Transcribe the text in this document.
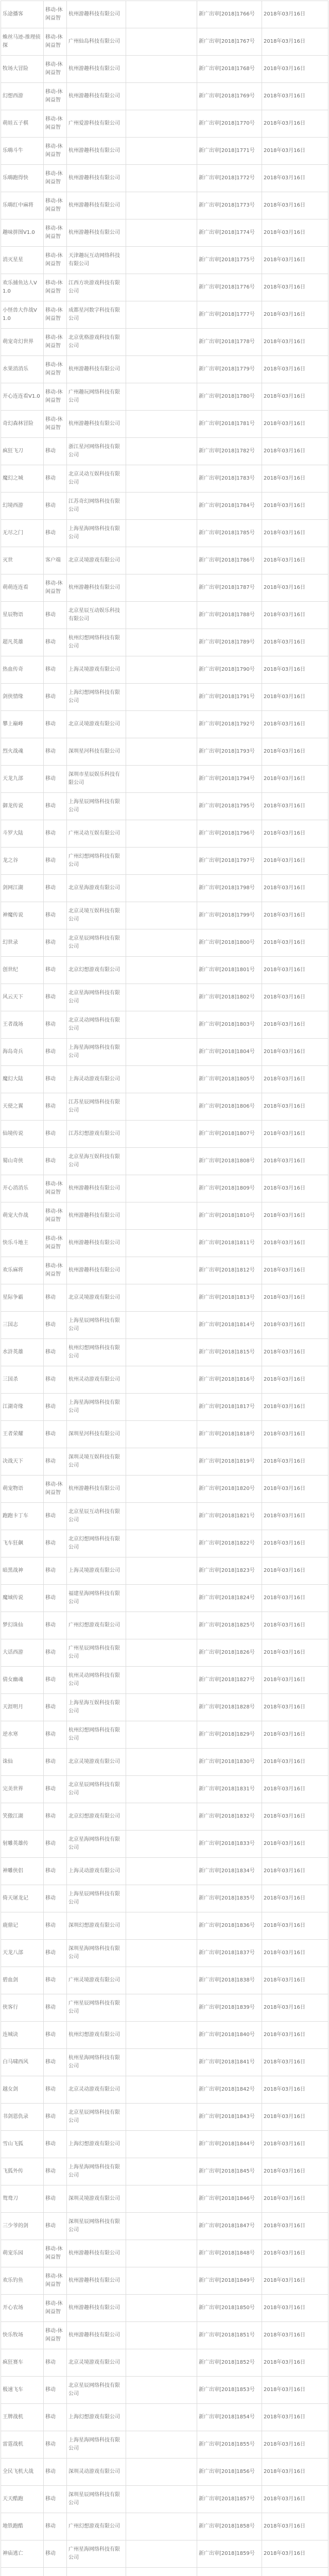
乐途播客	移动-休闲益智	杭州游趣科技有限公司		新广出审[2018]1766号	2018年03月16日
蛛丝马迹-推理侦探	移动-休闲益智	广州仙岛科技有限公司		新广出审[2018]1767号	2018年03月16日
牧场大冒险	移动-休闲益智	杭州游趣科技有限公司		新广出审[2018]1768号	2018年03月16日
幻想西游	移动-休闲益智	杭州游趣科技有限公司		新广出审[2018]1769号	2018年03月16日
萌娃五子棋	移动-休闲益智	广州爱游科技有限公司		新广出审[2018]1770号	2018年03月16日
乐嗨斗牛	移动-休闲益智	杭州游趣科技有限公司		新广出审[2018]1771号	2018年03月16日
乐嗨跑得快	移动-休闲益智	杭州游趣科技有限公司		新广出审[2018]1772号	2018年03月16日
乐嗨红中麻将	移动-休闲益智	杭州游趣科技有限公司		新广出审[2018]1773号	2018年03月16日
趣味拼图V1.0	移动-休闲益智	杭州游趣科技有限公司		新广出审[2018]1774号	2018年03月16日
消灭星星	移动-休闲益智	天津趣玩互动网络科技有限公司		新广出审[2018]1775号	2018年03月16日
欢乐捕鱼达人V1.0	移动-休闲益智	江西方块游戏科技有限公司		新广出审[2018]1776号	2018年03月16日
小怪兽大作战V1.0	移动-休闲益智	成都星河数字科技有限公司		新广出审[2018]1777号	2018年03月16日
萌宠奇幻世界	移动-休闲益智	北京优格游戏科技有限公司		新广出审[2018]1778号	2018年03月16日
水果消消乐	移动-休闲益智	杭州游趣科技有限公司		新广出审[2018]1779号	2018年03月16日
开心连连看V1.0	移动-休闲益智	广州趣玩网络科技有限公司		新广出审[2018]1780号	2018年03月16日
奇幻森林冒险	移动-休闲益智	杭州游趣科技有限公司		新广出审[2018]1781号	2018年03月16日
疯狂飞刀	移动	浙江星河网络科技有限公司		新广出审[2018]1782号	2018年03月16日
魔幻之城	移动	北京灵动互娱科技有限公司		新广出审[2018]1783号	2018年03月16日
幻境西游	移动	江苏奇幻网络科技有限公司		新广出审[2018]1784号	2018年03月16日
无尽之门	移动	上海星海网络科技有限公司		新广出审[2018]1785号	2018年03月16日
灭世	客户端	北京灵境游戏有限公司		新广出审[2018]1786号	2018年03月16日
萌萌连连看	移动-休闲益智	杭州游趣科技有限公司		新广出审[2018]1787号	2018年03月16日
星辰物语	移动	北京星辰互动娱乐科技有限公司		新广出审[2018]1788号	2018年03月16日
超凡英雄	移动	杭州幻想网络科技有限公司		新广出审[2018]1789号	2018年03月16日
热血传奇	移动	上海灵境游戏有限公司		新广出审[2018]1790号	2018年03月16日
剑侠情缘	移动	上海幻想网络科技有限公司		新广出审[2018]1791号	2018年03月16日
攀上巅峰	移动	北京灵境游戏有限公司		新广出审[2018]1792号	2018年03月16日
烈火战魂	移动	深圳星河科技有限公司		新广出审[2018]1793号	2018年03月16日
天龙九部	移动	深圳市星辰娱乐科技有限公司		新广出审[2018]1794号	2018年03月16日
御龙传说	移动	上海星辰网络科技有限公司		新广出审[2018]1795号	2018年03月16日
斗罗大陆	移动	广州灵动互娱有限公司		新广出审[2018]1796号	2018年03月16日
龙之谷	移动	广州幻想网络科技有限公司		新广出审[2018]1797号	2018年03月16日
剑网江湖	移动	北京星海游戏有限公司		新广出审[2018]1798号	2018年03月16日
神魔传说	移动	北京灵境互娱科技有限公司		新广出审[2018]1799号	2018年03月16日
幻世录	移动	北京星辰网络科技有限公司		新广出审[2018]1800号	2018年03月16日
创世纪	移动	北京幻想游戏有限公司		新广出审[2018]1801号	2018年03月16日
风云天下	移动	北京星海网络科技有限公司		新广出审[2018]1802号	2018年03月16日
王者战场	移动	北京灵动网络科技有限公司		新广出审[2018]1803号	2018年03月16日
海岛奇兵	移动	上海星海网络科技有限公司		新广出审[2018]1804号	2018年03月16日
魔幻大陆	移动	上海灵动游戏有限公司		新广出审[2018]1805号	2018年03月16日
天使之翼	移动	江苏星辰网络科技有限公司		新广出审[2018]1806号	2018年03月16日
仙境传说	移动	江苏幻想游戏有限公司		新广出审[2018]1807号	2018年03月16日
蜀山奇侠	移动	北京星海互娱科技有限公司		新广出审[2018]1808号	2018年03月16日
开心消消乐	移动-休闲益智	杭州游趣科技有限公司		新广出审[2018]1809号	2018年03月16日
萌宠大作战	移动-休闲益智	杭州游趣科技有限公司		新广出审[2018]1810号	2018年03月16日
快乐斗地主	移动-休闲益智	杭州游趣科技有限公司		新广出审[2018]1811号	2018年03月16日
欢乐麻将	移动-休闲益智	杭州游趣科技有限公司		新广出审[2018]1812号	2018年03月16日
星际争霸	移动	北京灵境游戏有限公司		新广出审[2018]1813号	2018年03月16日
三国志	移动	上海星辰网络科技有限公司		新广出审[2018]1814号	2018年03月16日
水浒英雄	移动	杭州幻想网络科技有限公司		新广出审[2018]1815号	2018年03月16日
三国杀	移动	杭州灵动游戏有限公司		新广出审[2018]1816号	2018年03月16日
江湖奇缘	移动	上海星海网络科技有限公司		新广出审[2018]1817号	2018年03月16日
王者荣耀	移动	深圳星河科技有限公司		新广出审[2018]1818号	2018年03月16日
决战天下	移动	深圳灵境互娱科技有限公司		新广出审[2018]1819号	2018年03月16日
萌宠物语	移动-休闲益智	杭州游趣科技有限公司		新广出审[2018]1820号	2018年03月16日
跑跑卡丁车	移动	北京星辰互动科技有限公司		新广出审[2018]1821号	2018年03月16日
飞车狂飙	移动	北京幻想网络科技有限公司		新广出审[2018]1822号	2018年03月16日
暗黑战神	移动	上海灵境游戏有限公司		新广出审[2018]1823号	2018年03月16日
魔域传说	移动	福建星海网络科技有限公司		新广出审[2018]1824号	2018年03月16日
梦幻诛仙	移动	广州幻想游戏有限公司		新广出审[2018]1825号	2018年03月16日
大话西游	移动	广州星辰网络科技有限公司		新广出审[2018]1826号	2018年03月16日
倩女幽魂	移动	杭州灵动网络科技有限公司		新广出审[2018]1827号	2018年03月16日
天涯明月	移动	上海星海互娱科技有限公司		新广出审[2018]1828号	2018年03月16日
逆水寒	移动	杭州幻想网络科技有限公司		新广出审[2018]1829号	2018年03月16日
诛仙	移动	北京灵境游戏有限公司		新广出审[2018]1830号	2018年03月16日
完美世界	移动	北京星辰网络科技有限公司		新广出审[2018]1831号	2018年03月16日
笑傲江湖	移动	北京幻想游戏有限公司		新广出审[2018]1832号	2018年03月16日
射雕英雄传	移动	北京星海网络科技有限公司		新广出审[2018]1833号	2018年03月16日
神雕侠侣	移动	上海灵动游戏有限公司		新广出审[2018]1834号	2018年03月16日
倚天屠龙记	移动	上海星辰网络科技有限公司		新广出审[2018]1835号	2018年03月16日
鹿鼎记	移动	深圳幻想游戏有限公司		新广出审[2018]1836号	2018年03月16日
天龙八部	移动	深圳星海网络科技有限公司		新广出审[2018]1837号	2018年03月16日
碧血剑	移动	广州灵境游戏有限公司		新广出审[2018]1838号	2018年03月16日
侠客行	移动	广州星辰网络科技有限公司		新广出审[2018]1839号	2018年03月16日
连城诀	移动	杭州幻想游戏有限公司		新广出审[2018]1840号	2018年03月16日
白马啸西风	移动	杭州星海网络科技有限公司		新广出审[2018]1841号	2018年03月16日
越女剑	移动	北京灵动游戏有限公司		新广出审[2018]1842号	2018年03月16日
书剑恩仇录	移动	北京星辰网络科技有限公司		新广出审[2018]1843号	2018年03月16日
雪山飞狐	移动	上海幻想游戏有限公司		新广出审[2018]1844号	2018年03月16日
飞狐外传	移动	上海星海网络科技有限公司		新广出审[2018]1845号	2018年03月16日
鸳鸯刀	移动	深圳灵境游戏有限公司		新广出审[2018]1846号	2018年03月16日
三少爷的剑	移动	深圳星辰网络科技有限公司		新广出审[2018]1847号	2018年03月16日
萌宠乐园	移动-休闲益智	杭州游趣科技有限公司		新广出审[2018]1848号	2018年03月16日
欢乐钓鱼	移动-休闲益智	杭州游趣科技有限公司		新广出审[2018]1849号	2018年03月16日
开心农场	移动-休闲益智	杭州游趣科技有限公司		新广出审[2018]1850号	2018年03月16日
快乐牧场	移动-休闲益智	杭州游趣科技有限公司		新广出审[2018]1851号	2018年03月16日
疯狂赛车	移动	北京灵境游戏有限公司		新广出审[2018]1852号	2018年03月16日
极速飞车	移动	北京星辰网络科技有限公司		新广出审[2018]1853号	2018年03月16日
王牌战机	移动	上海幻想游戏有限公司		新广出审[2018]1854号	2018年03月16日
雷霆战机	移动	上海星海网络科技有限公司		新广出审[2018]1855号	2018年03月16日
全民飞机大战	移动	深圳灵动游戏有限公司		新广出审[2018]1856号	2018年03月16日
天天酷跑	移动	深圳星辰网络科技有限公司		新广出审[2018]1857号	2018年03月16日
地铁跑酷	移动	广州幻想游戏有限公司		新广出审[2018]1858号	2018年03月16日
神庙逃亡	移动	广州星海网络科技有限公司		新广出审[2018]1859号	2018年03月16日
